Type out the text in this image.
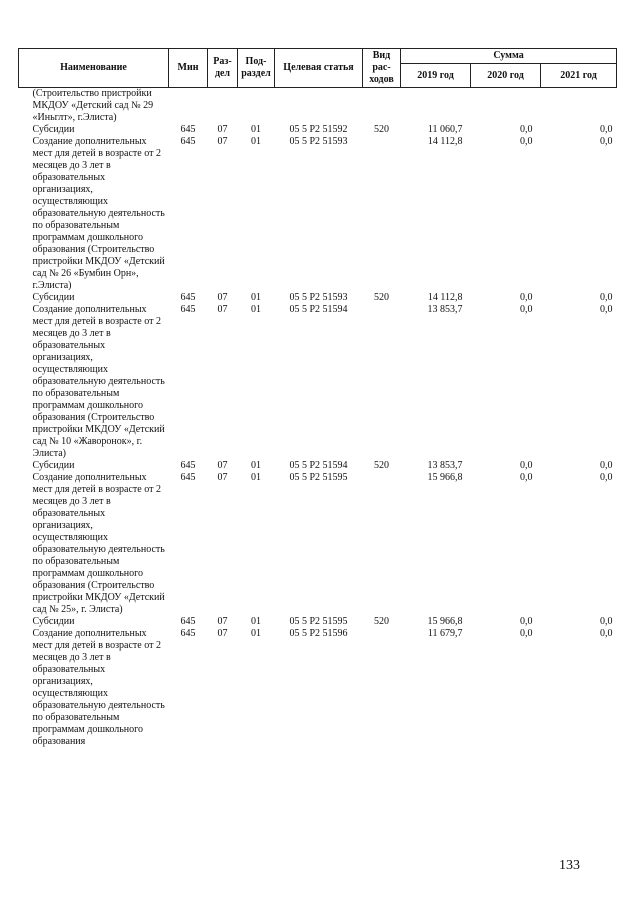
Наименование	Мин	Раз-дел	Под-раздел	Целевая статья	Вид рас-ходов	Сумма		
						2019 год	2020 год	2021 год
(Строительство пристройки МКДОУ «Детский сад № 29 «Иньглт», г.Элиста)								
Субсидии	645	07	01	05 5 P2 51592	520	11 060,7	0,0	0,0
Создание дополнительных мест для детей в возрасте от 2 месяцев до 3 лет в образовательных организациях, осуществляющих образовательную деятельность по образовательным программам дошкольного образования (Строительство пристройки МКДОУ «Детский сад № 26 «Бумбин Орн», г.Элиста)	645	07	01	05 5 P2 51593		14 112,8	0,0	0,0
Субсидии	645	07	01	05 5 P2 51593	520	14 112,8	0,0	0,0
Создание дополнительных мест для детей в возрасте от 2 месяцев до 3 лет в образовательных организациях, осуществляющих образовательную деятельность по образовательным программам дошкольного образования (Строительство пристройки МКДОУ «Детский сад № 10 «Жаворонок», г. Элиста)	645	07	01	05 5 P2 51594		13 853,7	0,0	0,0
Субсидии	645	07	01	05 5 P2 51594	520	13 853,7	0,0	0,0
Создание дополнительных мест для детей в возрасте от 2 месяцев до 3 лет в образовательных организациях, осуществляющих образовательную деятельность по образовательным программам дошкольного образования (Строительство пристройки МКДОУ «Детский сад № 25», г. Элиста)	645	07	01	05 5 P2 51595		15 966,8	0,0	0,0
Субсидии	645	07	01	05 5 P2 51595	520	15 966,8	0,0	0,0
Создание дополнительных мест для детей в возрасте от 2 месяцев до 3 лет в образовательных организациях, осуществляющих образовательную деятельность по образовательным программам дошкольного образования	645	07	01	05 5 P2 51596		11 679,7	0,0	0,0
133
